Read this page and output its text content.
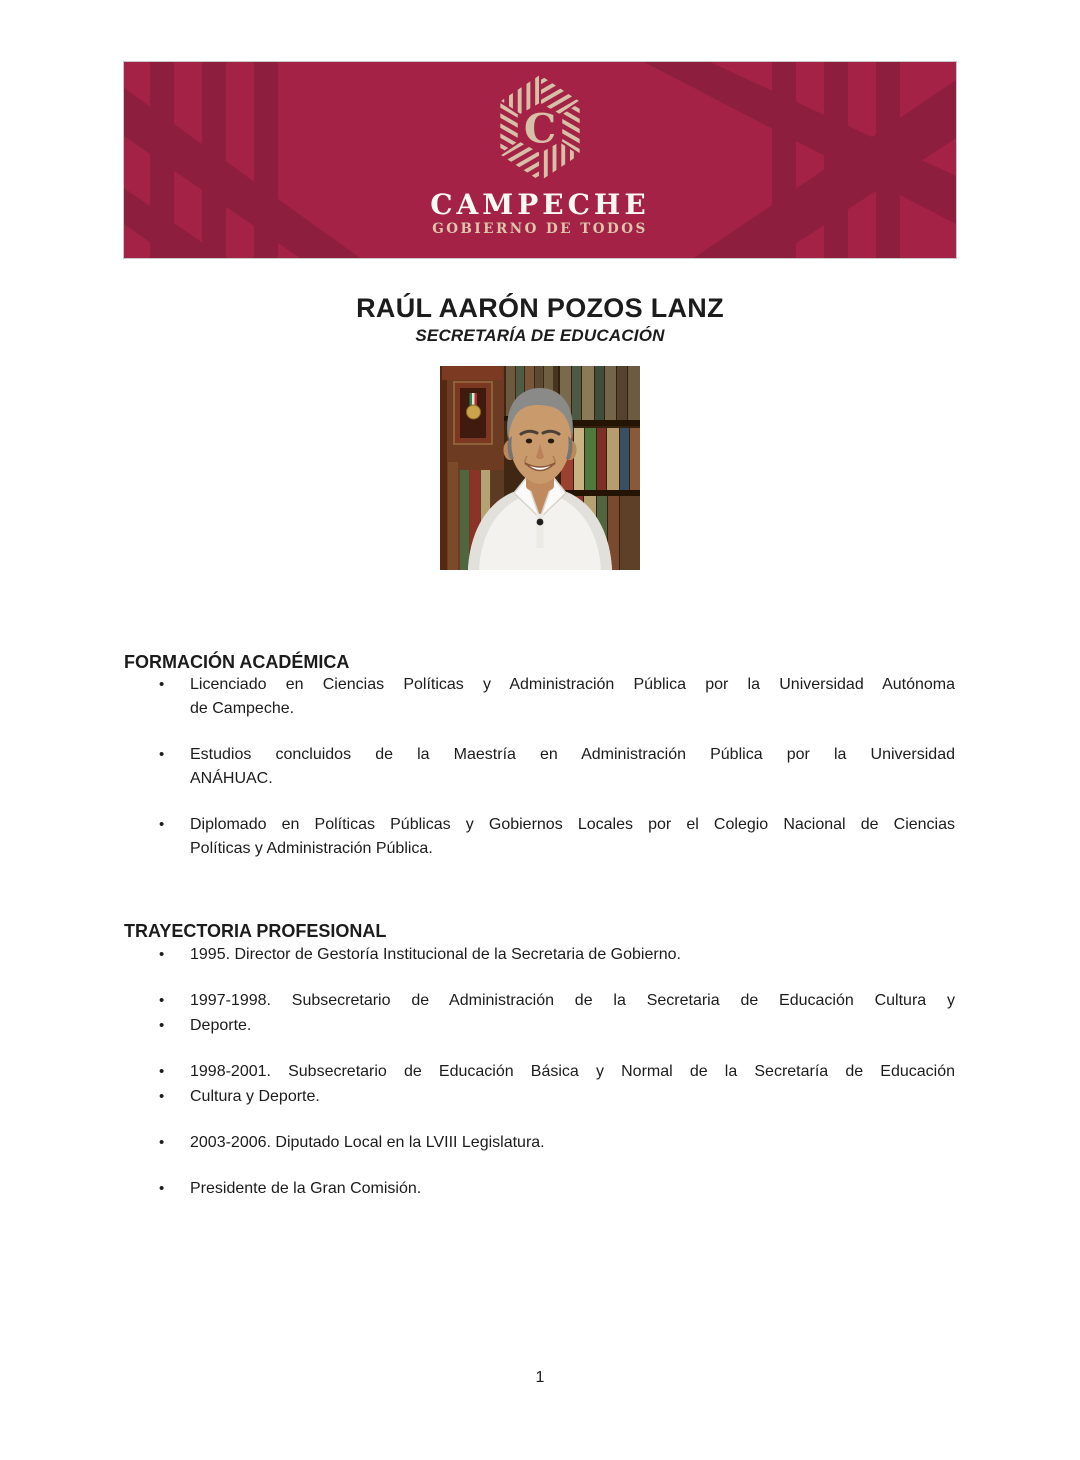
C
CAMPECHE
GOBIERNO DE TODOS
RAÚL AARÓN POZOS LANZ
SECRETARÍA DE EDUCACIÓN
FORMACIÓN ACADÉMICA
•	Licenciado en Ciencias Políticas y Administración Pública por la Universidad Autónoma
de Campeche.
•	Estudios concluidos de la Maestría en Administración Pública por la Universidad
ANÁHUAC.
•	Diplomado en Políticas Públicas y Gobiernos Locales por el Colegio Nacional de Ciencias
Políticas y Administración Pública.
TRAYECTORIA PROFESIONAL
•	1995. Director de Gestoría Institucional de la Secretaria de Gobierno.
•	1997-1998. Subsecretario de Administración de la Secretaria de Educación Cultura y
•	Deporte.
•	1998-2001. Subsecretario de Educación Básica y Normal de la Secretaría de Educación
•	Cultura y Deporte.
•	2003-2006. Diputado Local en la LVIII Legislatura.
•	Presidente de la Gran Comisión.
1
